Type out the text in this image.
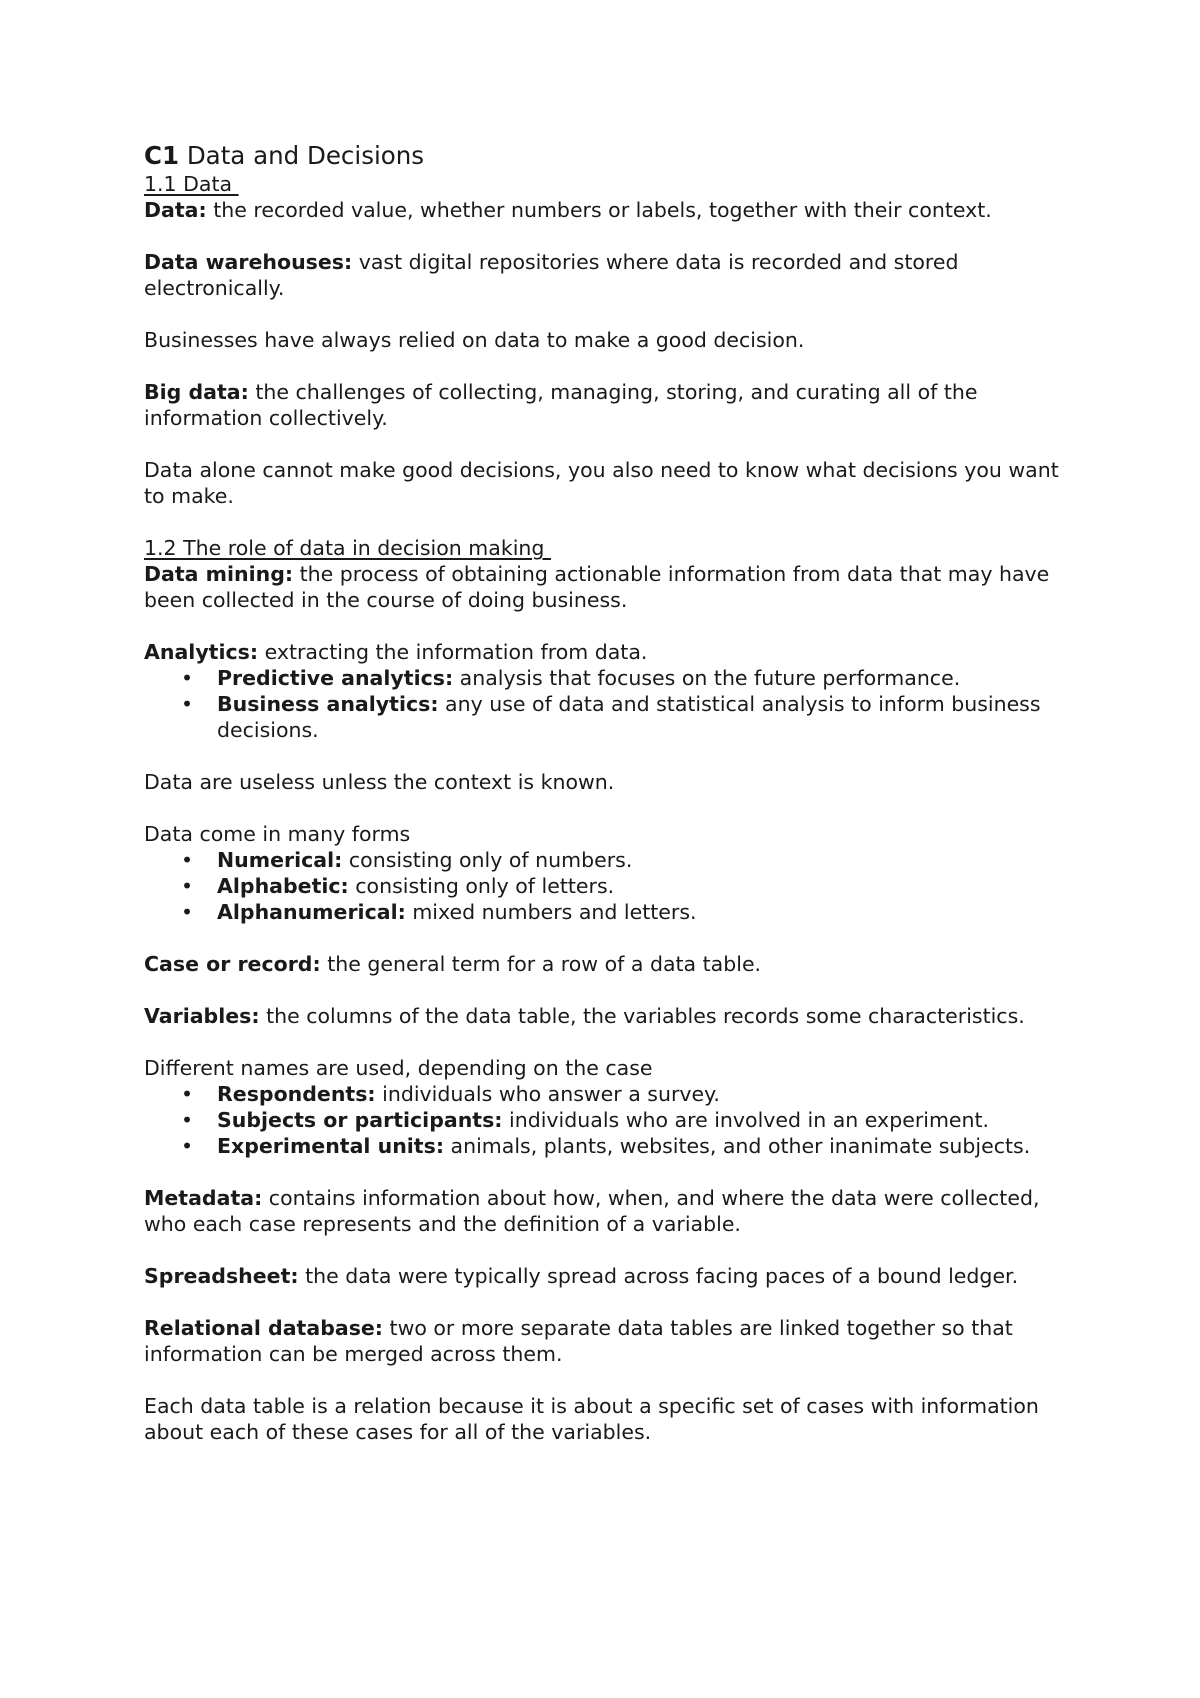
C1 Data and Decisions

1.1 Data

Data: the recorded value, whether numbers or labels, together with their context.

Data warehouses: vast digital repositories where data is recorded and stored electronically.

Businesses have always relied on data to make a good decision.

Big data: the challenges of collecting, managing, storing, and curating all of the information collectively.

Data alone cannot make good decisions, you also need to know what decisions you want to make.

1.2 The role of data in decision making

Data mining: the process of obtaining actionable information from data that may have been collected in the course of doing business.

Analytics: extracting the information from data.

• Predictive analytics: analysis that focuses on the future performance.
• Business analytics: any use of data and statistical analysis to inform business decisions.

Data are useless unless the context is known.

Data come in many forms

• Numerical: consisting only of numbers.
• Alphabetic: consisting only of letters.
• Alphanumerical: mixed numbers and letters.

Case or record: the general term for a row of a data table.

Variables: the columns of the data table, the variables records some characteristics.

Different names are used, depending on the case

• Respondents: individuals who answer a survey.
• Subjects or participants: individuals who are involved in an experiment.
• Experimental units: animals, plants, websites, and other inanimate subjects.

Metadata: contains information about how, when, and where the data were collected, who each case represents and the definition of a variable.

Spreadsheet: the data were typically spread across facing paces of a bound ledger.

Relational database: two or more separate data tables are linked together so that information can be merged across them.

Each data table is a relation because it is about a specific set of cases with information about each of these cases for all of the variables.
